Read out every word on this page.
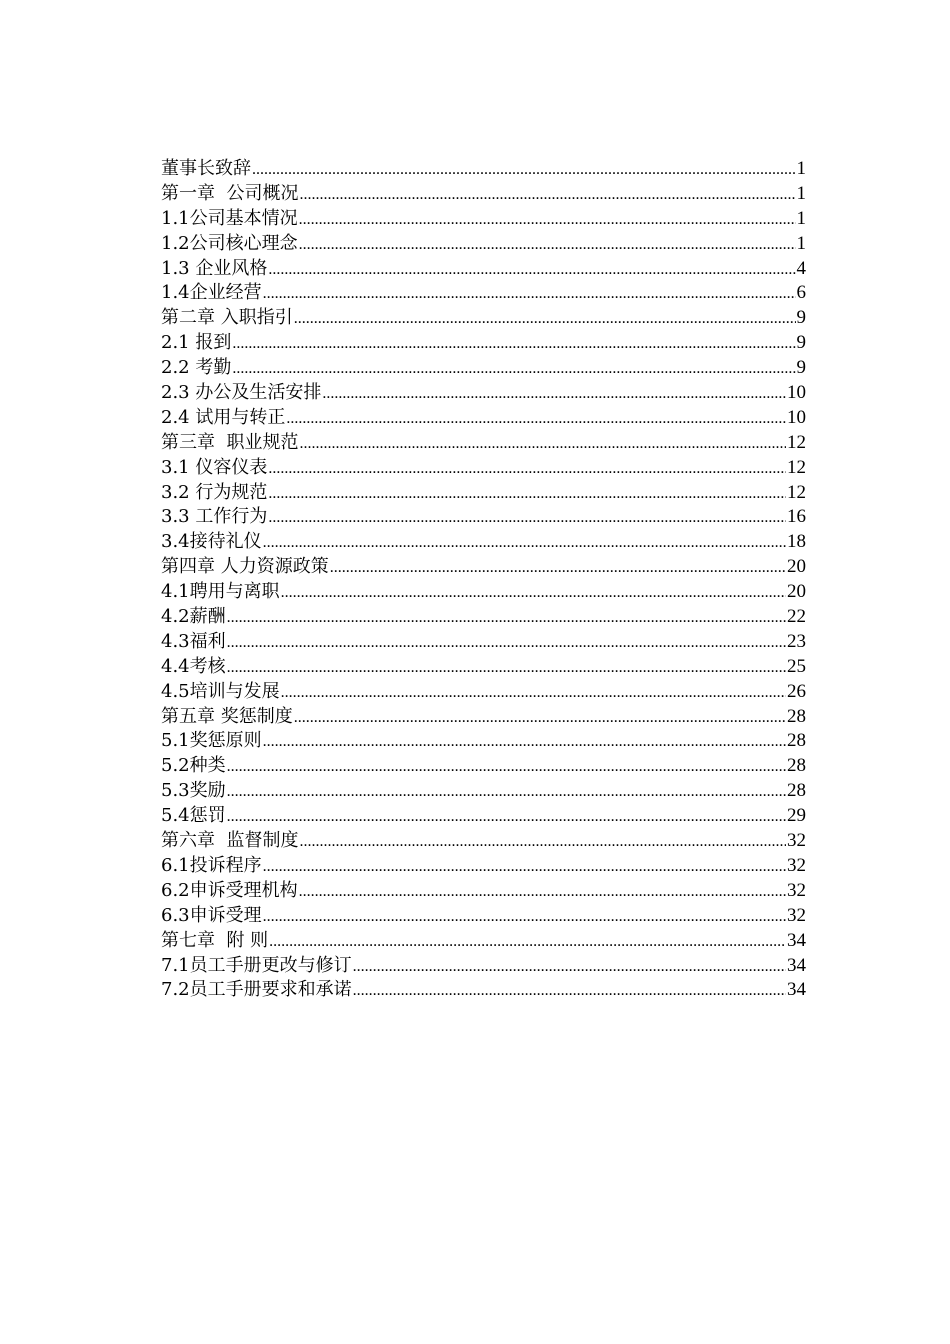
董事长致辞 .....	1
第一章  公司概况 .....	1
1.1公司基本情况 .....	1
1.2公司核心理念 .....	1
1.3 企业风格 .....	4
1.4企业经营 .....	6
第二章 入职指引 .....	9
2.1 报到 .....	9
2.2 考勤 .....	9
2.3 办公及生活安排 .....	10
2.4 试用与转正 .....	10
第三章  职业规范 .....	12
3.1 仪容仪表 .....	12
3.2 行为规范 .....	12
3.3 工作行为 .....	16
3.4接待礼仪 .....	18
第四章 人力资源政策 .....	20
4.1聘用与离职 .....	20
4.2薪酬 .....	22
4.3福利 .....	23
4.4考核 .....	25
4.5培训与发展 .....	26
第五章 奖惩制度 .....	28
5.1奖惩原则 .....	28
5.2种类 .....	28
5.3奖励 .....	28
5.4惩罚 .....	29
第六章  监督制度 .....	32
6.1投诉程序 .....	32
6.2申诉受理机构 .....	32
6.3申诉受理 .....	32
第七章  附 则 .....	34
7.1员工手册更改与修订 .....	34
7.2员工手册要求和承诺 .....	34
